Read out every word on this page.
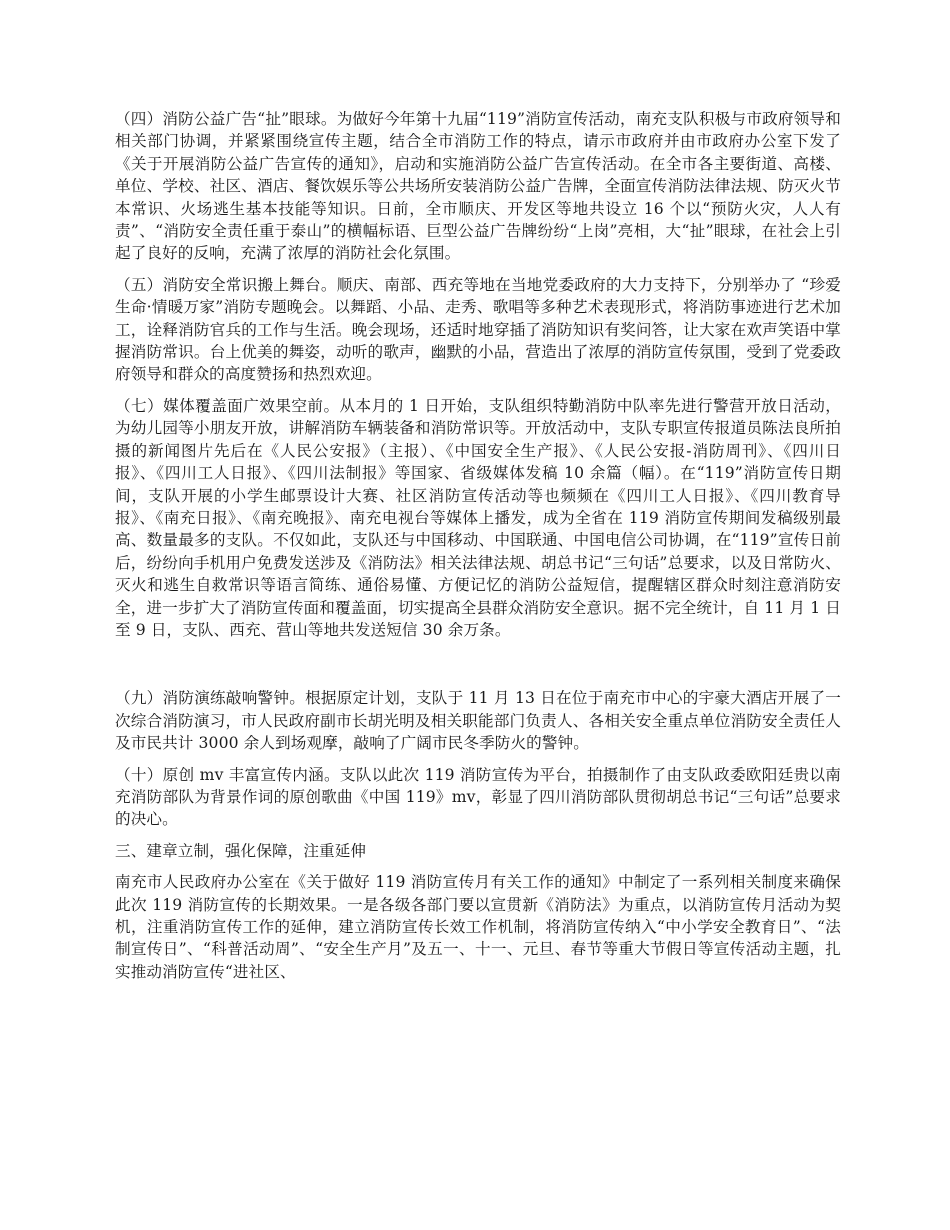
（四）消防公益广告“扯”眼球。为做好今年第十九届“119”消防宣传活动，南充支队积极与市政府领导和相关部门协调，并紧紧围绕宣传主题，结合全市消防工作的特点，请示市政府并由市政府办公室下发了《关于开展消防公益广告宣传的通知》，启动和实施消防公益广告宣传活动。在全市各主要街道、高楼、单位、学校、社区、酒店、餐饮娱乐等公共场所安装消防公益广告牌，全面宣传消防法律法规、防灭火节本常识、火场逃生基本技能等知识。日前，全市顺庆、开发区等地共设立 16 个以“预防火灾，人人有责”、“消防安全责任重于泰山”的横幅标语、巨型公益广告牌纷纷“上岗”亮相，大“扯”眼球，在社会上引起了良好的反响，充满了浓厚的消防社会化氛围。

（五）消防安全常识搬上舞台。顺庆、南部、西充等地在当地党委政府的大力支持下，分别举办了 “珍爱生命·情暖万家”消防专题晚会。以舞蹈、小品、走秀、歌唱等多种艺术表现形式，将消防事迹进行艺术加工，诠释消防官兵的工作与生活。晚会现场，还适时地穿插了消防知识有奖问答，让大家在欢声笑语中掌握消防常识。台上优美的舞姿，动听的歌声，幽默的小品，营造出了浓厚的消防宣传氛围，受到了党委政府领导和群众的高度赞扬和热烈欢迎。

（七）媒体覆盖面广效果空前。从本月的 1 日开始，支队组织特勤消防中队率先进行警营开放日活动，为幼儿园等小朋友开放，讲解消防车辆装备和消防常识等。开放活动中，支队专职宣传报道员陈法良所拍摄的新闻图片先后在《人民公安报》（主报）、《中国安全生产报》、《人民公安报-消防周刊》、《四川日报》、《四川工人日报》、《四川法制报》等国家、省级媒体发稿 10 余篇（幅）。在“119”消防宣传日期间，支队开展的小学生邮票设计大赛、社区消防宣传活动等也频频在《四川工人日报》、《四川教育导报》、《南充日报》、《南充晚报》、南充电视台等媒体上播发，成为全省在 119 消防宣传期间发稿级别最高、数量最多的支队。不仅如此，支队还与中国移动、中国联通、中国电信公司协调，在“119”宣传日前后，纷纷向手机用户免费发送涉及《消防法》相关法律法规、胡总书记“三句话”总要求，以及日常防火、灭火和逃生自救常识等语言简练、通俗易懂、方便记忆的消防公益短信，提醒辖区群众时刻注意消防安全，进一步扩大了消防宣传面和覆盖面，切实提高全县群众消防安全意识。据不完全统计，自 11 月 1 日至 9 日，支队、西充、营山等地共发送短信 30 余万条。

（九）消防演练敲响警钟。根据原定计划，支队于 11 月 13 日在位于南充市中心的宇豪大酒店开展了一次综合消防演习，市人民政府副市长胡光明及相关职能部门负责人、各相关安全重点单位消防安全责任人及市民共计 3000 余人到场观摩，敲响了广阔市民冬季防火的警钟。

（十）原创 mv 丰富宣传内涵。支队以此次 119 消防宣传为平台，拍摄制作了由支队政委欧阳廷贵以南充消防部队为背景作词的原创歌曲《中国 119》mv，彰显了四川消防部队贯彻胡总书记“三句话”总要求的决心。

三、建章立制，强化保障，注重延伸

南充市人民政府办公室在《关于做好 119 消防宣传月有关工作的通知》中制定了一系列相关制度来确保此次 119 消防宣传的长期效果。一是各级各部门要以宣贯新《消防法》为重点，以消防宣传月活动为契机，注重消防宣传工作的延伸，建立消防宣传长效工作机制，将消防宣传纳入“中小学安全教育日”、“法制宣传日”、“科普活动周”、“安全生产月”及五一、十一、元旦、春节等重大节假日等宣传活动主题，扎实推动消防宣传“进社区、
